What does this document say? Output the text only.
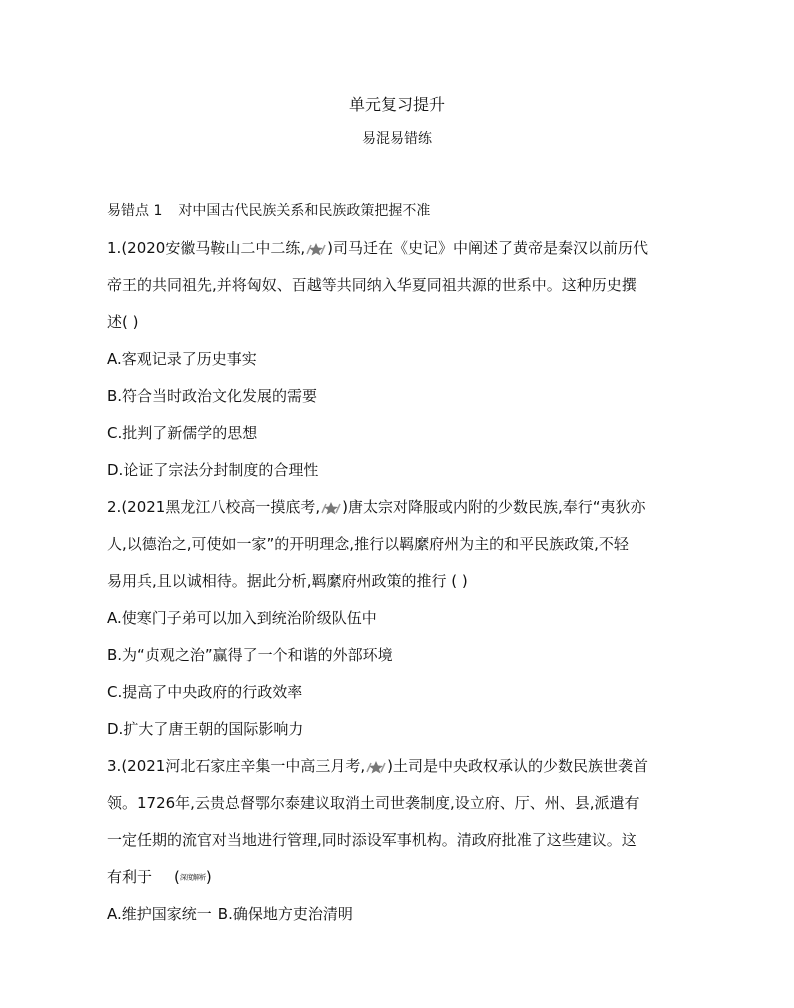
单元复习提升
易混易错练
易错点 1 对中国古代民族关系和民族政策把握不准
1.(2020安徽马鞍山二中二练, )司马迁在《史记》中阐述了黄帝是秦汉以前历代
帝王的共同祖先,并将匈奴、百越等共同纳入华夏同祖共源的世系中。这种历史撰
述( )
A.客观记录了历史事实
B.符合当时政治文化发展的需要
C.批判了新儒学的思想
D.论证了宗法分封制度的合理性
2.(2021黑龙江八校高一摸底考, )唐太宗对降服或内附的少数民族,奉行“夷狄亦
人,以德治之,可使如一家”的开明理念,推行以羁縻府州为主的和平民族政策,不轻
易用兵,且以诚相待。据此分析,羁縻府州政策的推行 ( )
A.使寒门子弟可以加入到统治阶级队伍中
B.为“贞观之治”赢得了一个和谐的外部环境
C.提高了中央政府的行政效率
D.扩大了唐王朝的国际影响力
3.(2021河北石家庄辛集一中高三月考, )土司是中央政权承认的少数民族世袭首
领。1726年,云贵总督鄂尔泰建议取消土司世袭制度,设立府、厅、州、县,派遣有
一定任期的流官对当地进行管理,同时添设军事机构。清政府批准了这些建议。这
有利于 (深度解析)
A.维护国家统一 B.确保地方吏治清明
